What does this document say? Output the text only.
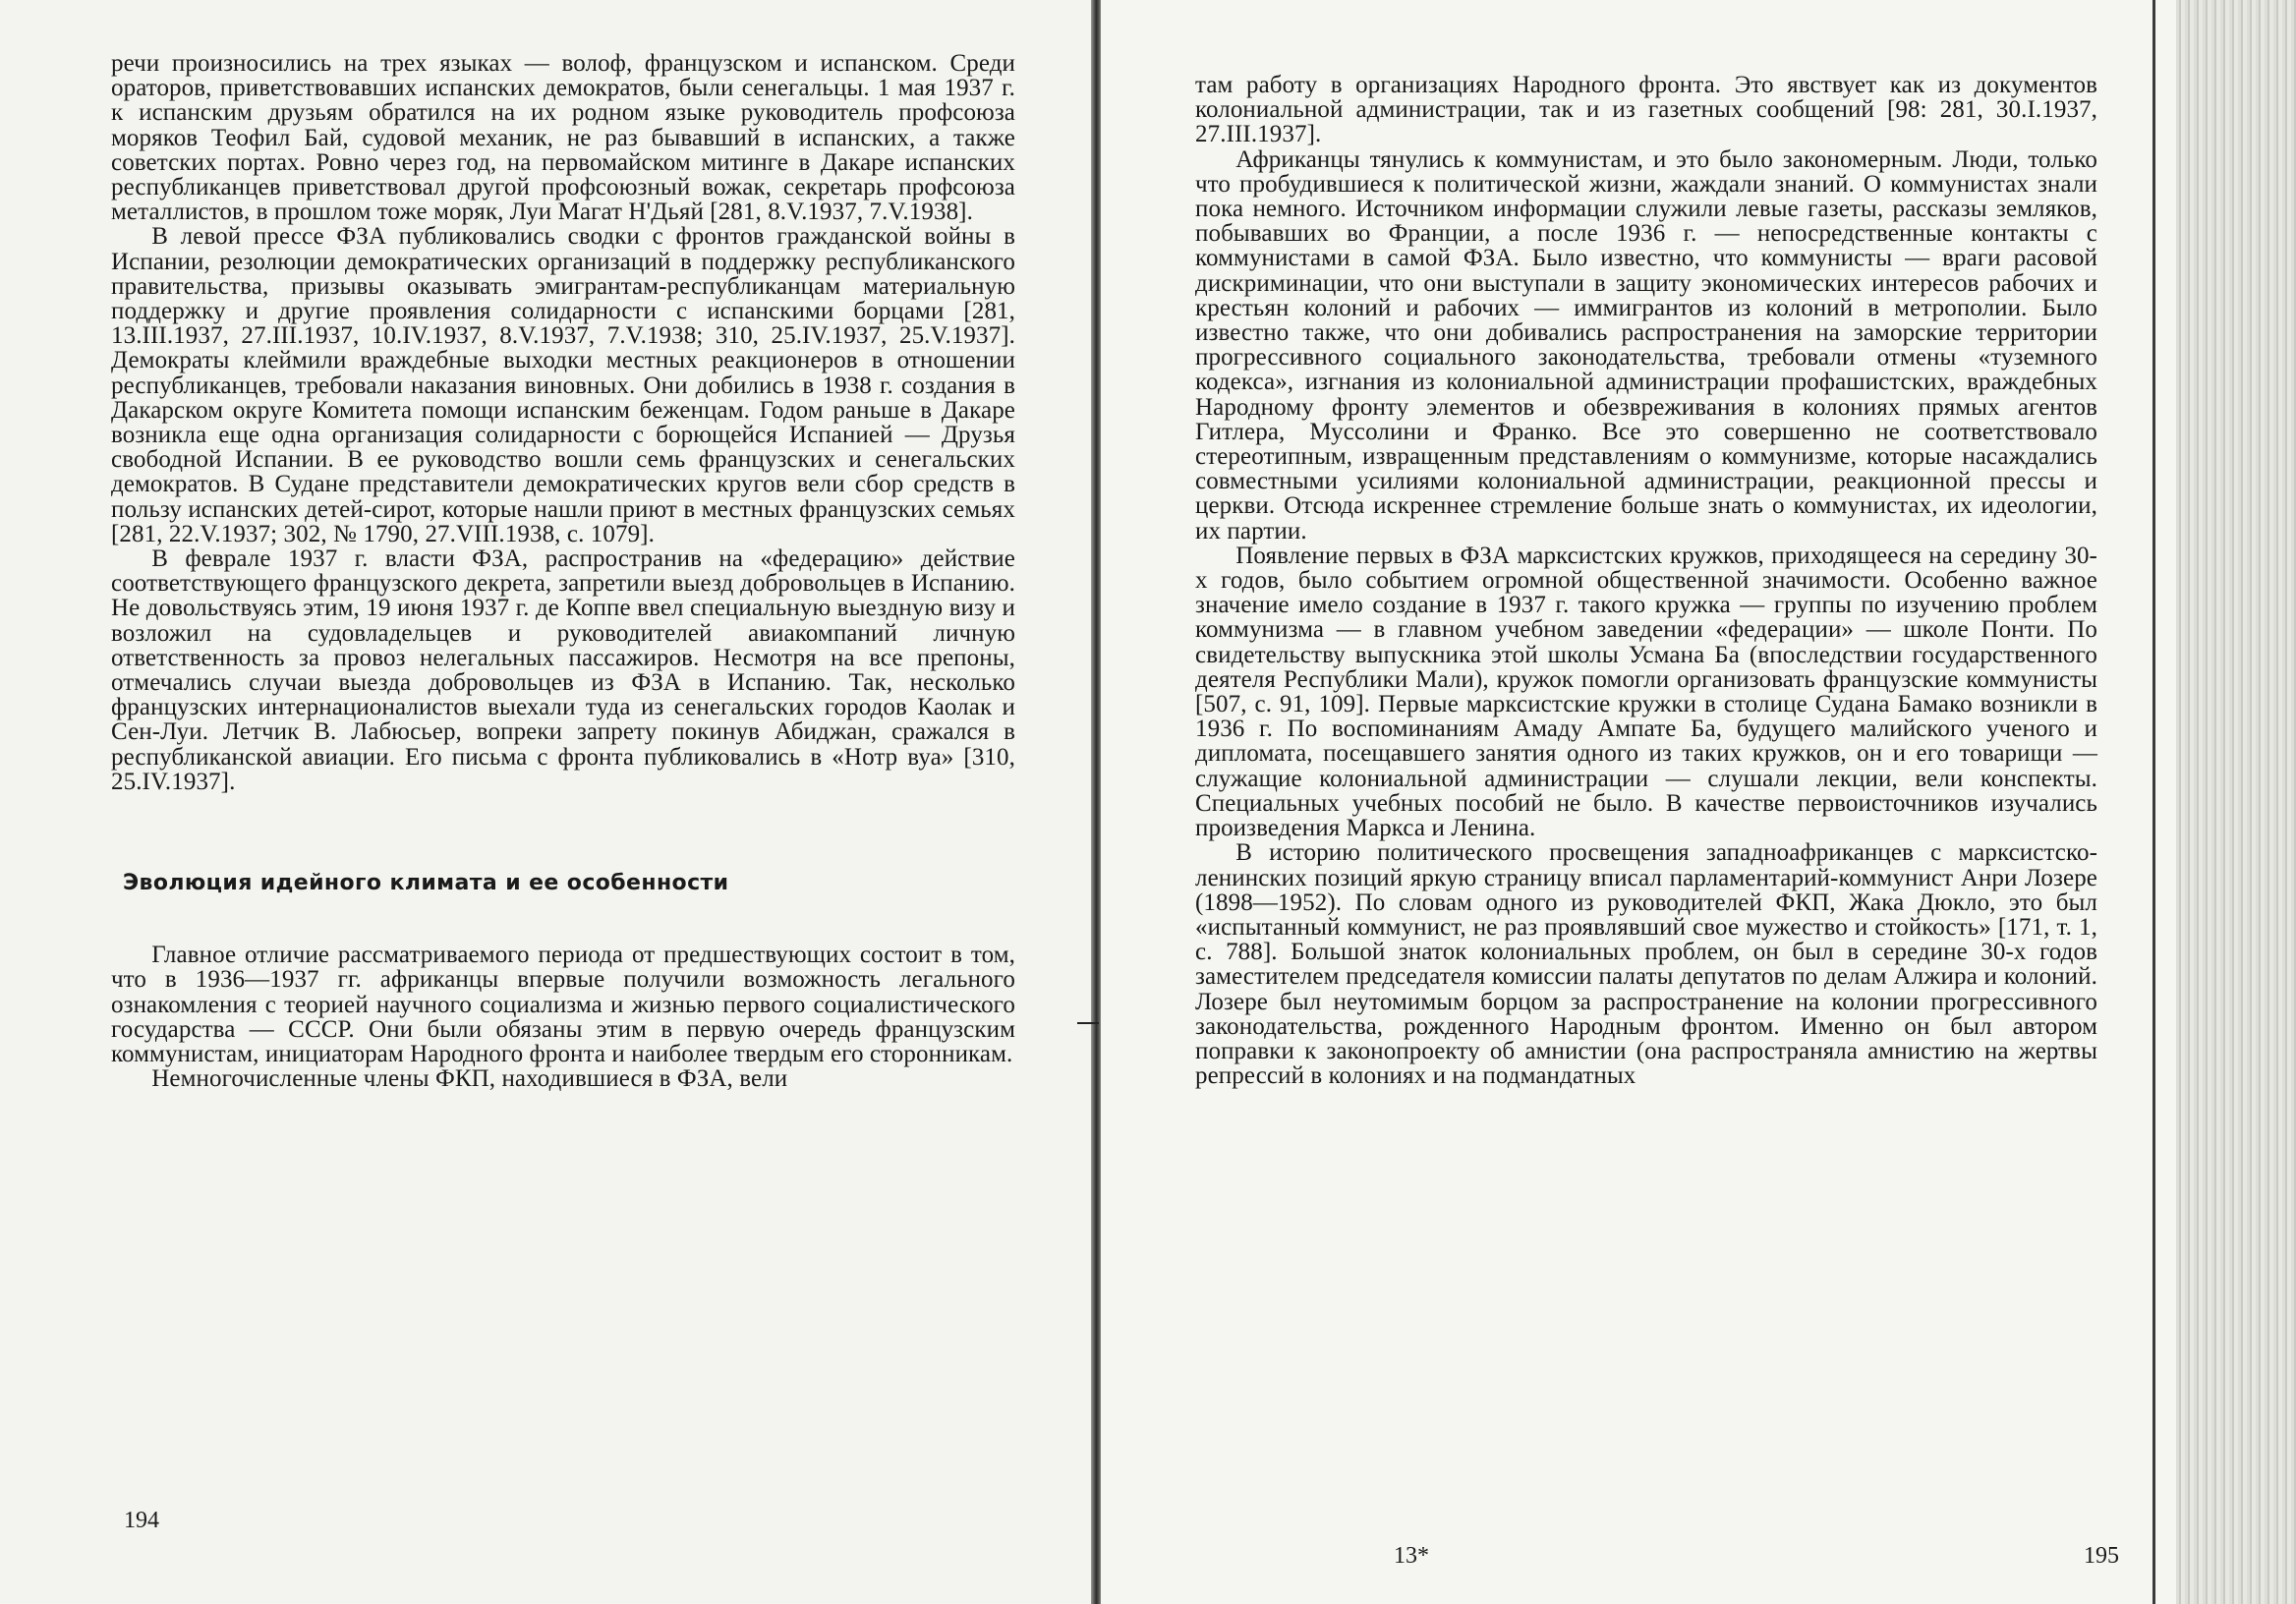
речи произносились на трех языках — волоф, французском и испанском. Среди ораторов, приветствовавших испанских демократов, были сенегальцы. 1 мая 1937 г. к испанским друзьям обратился на их родном языке руководитель профсоюза моряков Теофил Бай, судовой механик, не раз бывавший в испанских, а также советских портах. Ровно через год, на первомайском митинге в Дакаре испанских республиканцев приветствовал другой профсоюзный вожак, секретарь профсоюза металлистов, в прошлом тоже моряк, Луи Магат Н'Дьяй [281, 8.V.1937, 7.V.1938].

В левой прессе ФЗА публиковались сводки с фронтов гражданской войны в Испании, резолюции демократических организаций в поддержку республиканского правительства, призывы оказывать эмигрантам-республиканцам материальную поддержку и другие проявления солидарности с испанскими борцами [281, 13.III.1937, 27.III.1937, 10.IV.1937, 8.V.1937, 7.V.1938; 310, 25.IV.1937, 25.V.1937]. Демократы клеймили враждебные выходки местных реакционеров в отношении республиканцев, требовали наказания виновных. Они добились в 1938 г. создания в Дакарском округе Комитета помощи испанским беженцам. Годом раньше в Дакаре возникла еще одна организация солидарности с борющейся Испанией — Друзья свободной Испании. В ее руководство вошли семь французских и сенегальских демократов. В Судане представители демократических кругов вели сбор средств в пользу испанских детей-сирот, которые нашли приют в местных французских семьях [281, 22.V.1937; 302, № 1790, 27.VIII.1938, с. 1079].

В феврале 1937 г. власти ФЗА, распространив на «федерацию» действие соответствующего французского декрета, запретили выезд добровольцев в Испанию. Не довольствуясь этим, 19 июня 1937 г. де Коппе ввел специальную выездную визу и возложил на судовладельцев и руководителей авиакомпаний личную ответственность за провоз нелегальных пассажиров. Несмотря на все препоны, отмечались случаи выезда добровольцев из ФЗА в Испанию. Так, несколько французских интернационалистов выехали туда из сенегальских городов Каолак и Сен-Луи. Летчик В. Лабюсьер, вопреки запрету покинув Абиджан, сражался в республиканской авиации. Его письма с фронта публиковались в «Нотр вуа» [310, 25.IV.1937].

Эволюция идейного климата и ее особенности

Главное отличие рассматриваемого периода от предшествующих состоит в том, что в 1936—1937 гг. африканцы впервые получили возможность легального ознакомления с теорией научного социализма и жизнью первого социалистического государства — СССР. Они были обязаны этим в первую очередь французским коммунистам, инициаторам Народного фронта и наиболее твердым его сторонникам.

Немногочисленные члены ФКП, находившиеся в ФЗА, вели

194

там работу в организациях Народного фронта. Это явствует как из документов колониальной администрации, так и из газетных сообщений [98: 281, 30.I.1937, 27.III.1937].

Африканцы тянулись к коммунистам, и это было закономерным. Люди, только что пробудившиеся к политической жизни, жаждали знаний. О коммунистах знали пока немного. Источником информации служили левые газеты, рассказы земляков, побывавших во Франции, а после 1936 г. — непосредственные контакты с коммунистами в самой ФЗА. Было известно, что коммунисты — враги расовой дискриминации, что они выступали в защиту экономических интересов рабочих и крестьян колоний и рабочих — иммигрантов из колоний в метрополии. Было известно также, что они добивались распространения на заморские территории прогрессивного социального законодательства, требовали отмены «туземного кодекса», изгнания из колониальной администрации профашистских, враждебных Народному фронту элементов и обезвреживания в колониях прямых агентов Гитлера, Муссолини и Франко. Все это совершенно не соответствовало стереотипным, извращенным представлениям о коммунизме, которые насаждались совместными усилиями колониальной администрации, реакционной прессы и церкви. Отсюда искреннее стремление больше знать о коммунистах, их идеологии, их партии.

Появление первых в ФЗА марксистских кружков, приходящееся на середину 30-х годов, было событием огромной общественной значимости. Особенно важное значение имело создание в 1937 г. такого кружка — группы по изучению проблем коммунизма — в главном учебном заведении «федерации» — школе Понти. По свидетельству выпускника этой школы Усмана Ба (впоследствии государственного деятеля Республики Мали), кружок помогли организовать французские коммунисты [507, с. 91, 109]. Первые марксистские кружки в столице Судана Бамако возникли в 1936 г. По воспоминаниям Амаду Ампате Ба, будущего малийского ученого и дипломата, посещавшего занятия одного из таких кружков, он и его товарищи — служащие колониальной администрации — слушали лекции, вели конспекты. Специальных учебных пособий не было. В качестве первоисточников изучались произведения Маркса и Ленина.

В историю политического просвещения западноафриканцев с марксистско-ленинских позиций яркую страницу вписал парламентарий-коммунист Анри Лозере (1898—1952). По словам одного из руководителей ФКП, Жака Дюкло, это был «испытанный коммунист, не раз проявлявший свое мужество и стойкость» [171, т. 1, с. 788]. Большой знаток колониальных проблем, он был в середине 30-х годов заместителем председателя комиссии палаты депутатов по делам Алжира и колоний. Лозере был неутомимым борцом за распространение на колонии прогрессивного законодательства, рожденного Народным фронтом. Именно он был автором поправки к законопроекту об амнистии (она распространяла амнистию на жертвы репрессий в колониях и на подмандатных

13*	195
